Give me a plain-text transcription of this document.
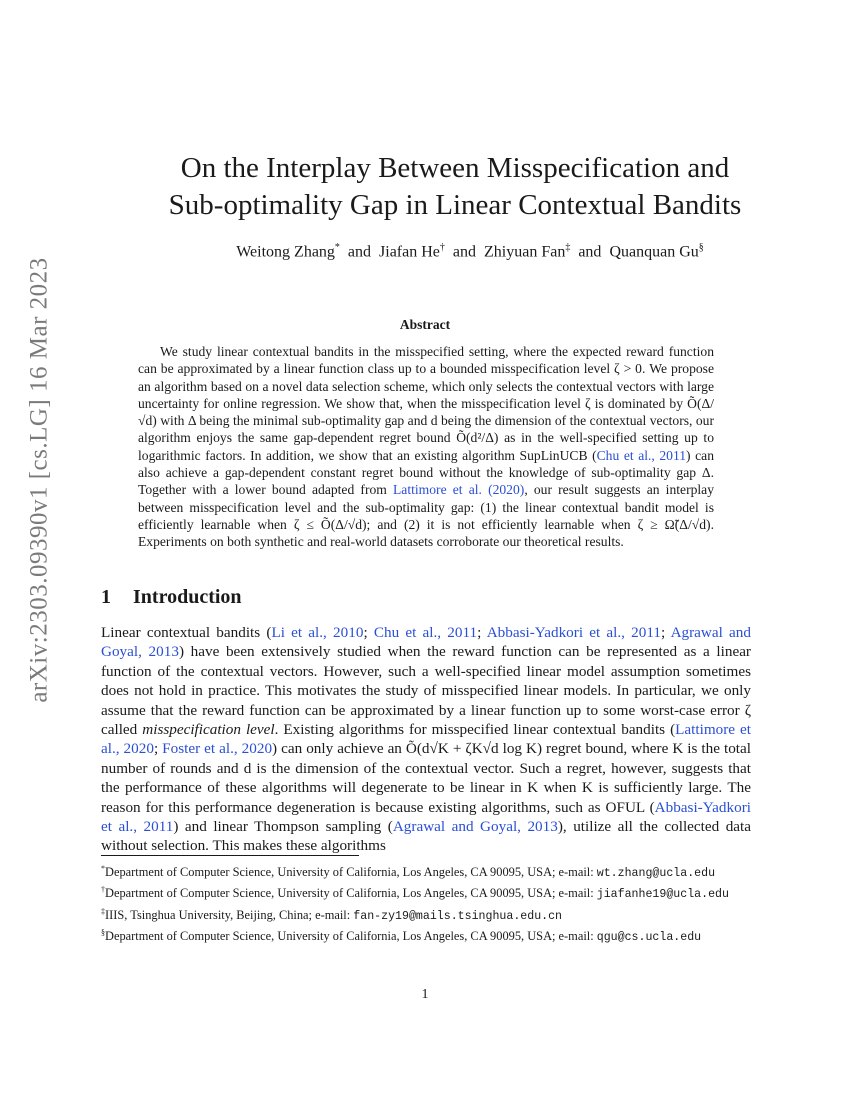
arXiv:2303.09390v1 [cs.LG] 16 Mar 2023
On the Interplay Between Misspecification and
Sub-optimality Gap in Linear Contextual Bandits
Weitong Zhang* and Jiafan He† and Zhiyuan Fan‡ and Quanquan Gu§
Abstract

We study linear contextual bandits in the misspecified setting, where the expected reward function can be approximated by a linear function class up to a bounded misspecification level ζ > 0. We propose an algorithm based on a novel data selection scheme, which only selects the contextual vectors with large uncertainty for online regression. We show that, when the misspecification level ζ is dominated by Õ(Δ/√d) with Δ being the minimal sub-optimality gap and d being the dimension of the contextual vectors, our algorithm enjoys the same gap-dependent regret bound Õ(d²/Δ) as in the well-specified setting up to logarithmic factors. In addition, we show that an existing algorithm SupLinUCB (Chu et al., 2011) can also achieve a gap-dependent constant regret bound without the knowledge of sub-optimality gap Δ. Together with a lower bound adapted from Lattimore et al. (2020), our result suggests an interplay between misspecification level and the sub-optimality gap: (1) the linear contextual bandit model is efficiently learnable when ζ ≤ Õ(Δ/√d); and (2) it is not efficiently learnable when ζ ≥ Ω̃(Δ/√d). Experiments on both synthetic and real-world datasets corroborate our theoretical results.

1 Introduction

Linear contextual bandits (Li et al., 2010; Chu et al., 2011; Abbasi-Yadkori et al., 2011; Agrawal and Goyal, 2013) have been extensively studied when the reward function can be represented as a linear function of the contextual vectors. However, such a well-specified linear model assumption sometimes does not hold in practice. This motivates the study of misspecified linear models. In particular, we only assume that the reward function can be approximated by a linear function up to some worst-case error ζ called misspecification level. Existing algorithms for misspecified linear contextual bandits (Lattimore et al., 2020; Foster et al., 2020) can only achieve an Õ(d√K + ζK√d log K) regret bound, where K is the total number of rounds and d is the dimension of the contextual vector. Such a regret, however, suggests that the performance of these algorithms will degenerate to be linear in K when K is sufficiently large. The reason for this performance degeneration is because existing algorithms, such as OFUL (Abbasi-Yadkori et al., 2011) and linear Thompson sampling (Agrawal and Goyal, 2013), utilize all the collected data without selection. This makes these algorithms

*Department of Computer Science, University of California, Los Angeles, CA 90095, USA; e-mail: wt.zhang@ucla.edu
†Department of Computer Science, University of California, Los Angeles, CA 90095, USA; e-mail: jiafanhe19@ucla.edu
‡IIIS, Tsinghua University, Beijing, China; e-mail: fan-zy19@mails.tsinghua.edu.cn
§Department of Computer Science, University of California, Los Angeles, CA 90095, USA; e-mail: qgu@cs.ucla.edu
1
